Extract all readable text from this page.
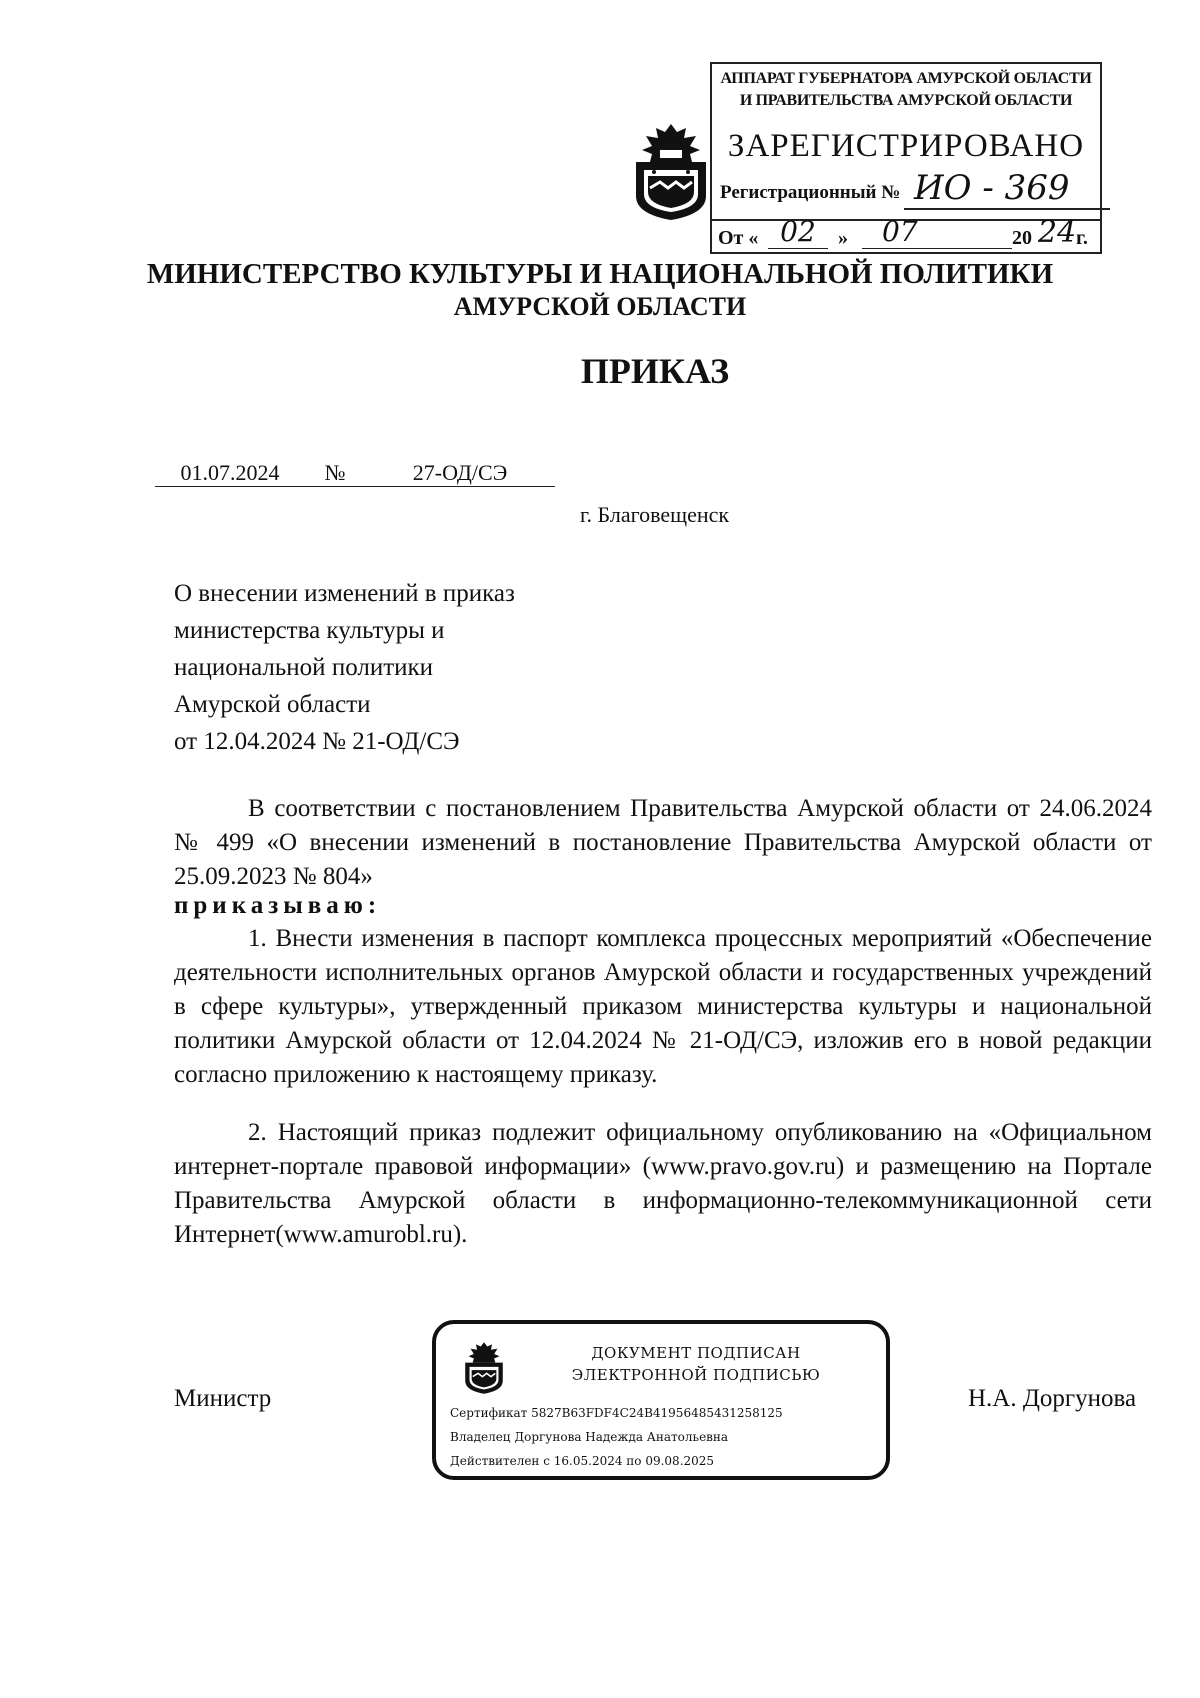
АППАРАТ ГУБЕРНАТОРА АМУРСКОЙ ОБЛАСТИ
И ПРАВИТЕЛЬСТВА АМУРСКОЙ ОБЛАСТИ
ЗАРЕГИСТРИРОВАНО
Регистрационный № ИО - 369
От « 02	»	07	20 24 г.
МИНИСТЕРСТВО КУЛЬТУРЫ И НАЦИОНАЛЬНОЙ ПОЛИТИКИ
АМУРСКОЙ ОБЛАСТИ
ПРИКАЗ
01.07.2024 №	27-ОД/СЭ
г. Благовещенск
О внесении изменений в приказ
министерства культуры и
национальной политики
Амурской области
от 12.04.2024 № 21-ОД/СЭ
В соответствии с постановлением Правительства Амурской области от 24.06.2024 № 499 «О внесении изменений в постановление Правительства Амурской области от 25.09.2023 № 804»
приказываю:
1. Внести изменения в паспорт комплекса процессных мероприятий «Обеспечение деятельности исполнительных органов Амурской области и государственных учреждений в сфере культуры», утвержденный приказом министерства культуры и национальной политики Амурской области от 12.04.2024 № 21-ОД/СЭ, изложив его в новой редакции согласно приложению к настоящему приказу.
2. Настоящий приказ подлежит официальному опубликованию на «Официальном интернет-портале правовой информации» (www.pravo.gov.ru) и размещению на Портале Правительства Амурской области в информационно-телекоммуникационной сети Интернет(www.amurobl.ru).
Министр
ДОКУМЕНТ ПОДПИСАН
ЭЛЕКТРОННОЙ ПОДПИСЬЮ
Сертификат 5827B63FDF4C24B41956485431258125
Владелец Доргунова Надежда Анатольевна
Действителен с 16.05.2024 по 09.08.2025
Н.А. Доргунова
